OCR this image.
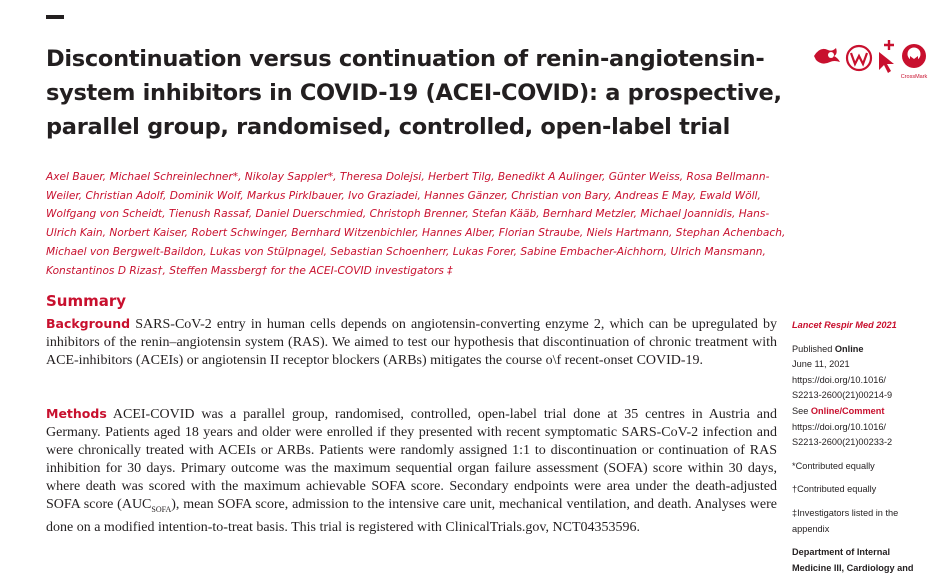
Discontinuation versus continuation of renin-angiotensin-system inhibitors in COVID-19 (ACEI-COVID): a prospective, parallel group, randomised, controlled, open-label trial
CrossMark

Axel Bauer, Michael Schreinlechner*, Nikolay Sappler*, Theresa Dolejsi, Herbert Tilg, Benedikt A Aulinger, Günter Weiss, Rosa Bellmann-Weiler, Christian Adolf, Dominik Wolf, Markus Pirklbauer, Ivo Graziadei, Hannes Gänzer, Christian von Bary, Andreas E May, Ewald Wöll, Wolfgang von Scheidt, Tienush Rassaf, Daniel Duerschmied, Christoph Brenner, Stefan Kääb, Bernhard Metzler, Michael Joannidis, Hans-Ulrich Kain, Norbert Kaiser, Robert Schwinger, Bernhard Witzenbichler, Hannes Alber, Florian Straube, Niels Hartmann, Stephan Achenbach, Michael von Bergwelt-Baildon, Lukas von Stülpnagel, Sebastian Schoenherr, Lukas Forer, Sabine Embacher-Aichhorn, Ulrich Mansmann, Konstantinos D Rizas†, Steffen Massberg† for the ACEI-COVID investigators ‡

Summary

Background SARS-CoV-2 entry in human cells depends on angiotensin-converting enzyme 2, which can be upregulated by inhibitors of the renin–angiotensin system (RAS). We aimed to test our hypothesis that discontinuation of chronic treatment with ACE-inhibitors (ACEIs) or angiotensin II receptor blockers (ARBs) mitigates the course o\f recent-onset COVID-19.

Methods ACEI-COVID was a parallel group, randomised, controlled, open-label trial done at 35 centres in Austria and Germany. Patients aged 18 years and older were enrolled if they presented with recent symptomatic SARS-CoV-2 infection and were chronically treated with ACEIs or ARBs. Patients were randomly assigned 1:1 to discontinuation or continuation of RAS inhibition for 30 days. Primary outcome was the maximum sequential organ failure assessment (SOFA) score within 30 days, where death was scored with the maximum achievable SOFA score. Secondary endpoints were area under the death-adjusted SOFA score $(AUC_{SOFA})$, mean SOFA score, admission to the intensive care unit, mechanical ventilation, and death. Analyses were done on a modified intention-to-treat basis. This trial is registered with ClinicalTrials.gov, NCT04353596.

Lancet Respir Med 2021
Published Online
June 11, 2021
https://doi.org/10.1016/
S2213-2600(21)00214-9
See Online/Comment
https://doi.org/10.1016/
S2213-2600(21)00233-2
*Contributed equally
†Contributed equally
‡Investigators listed in the
appendix
Department of Internal
Medicine III, Cardiology and
